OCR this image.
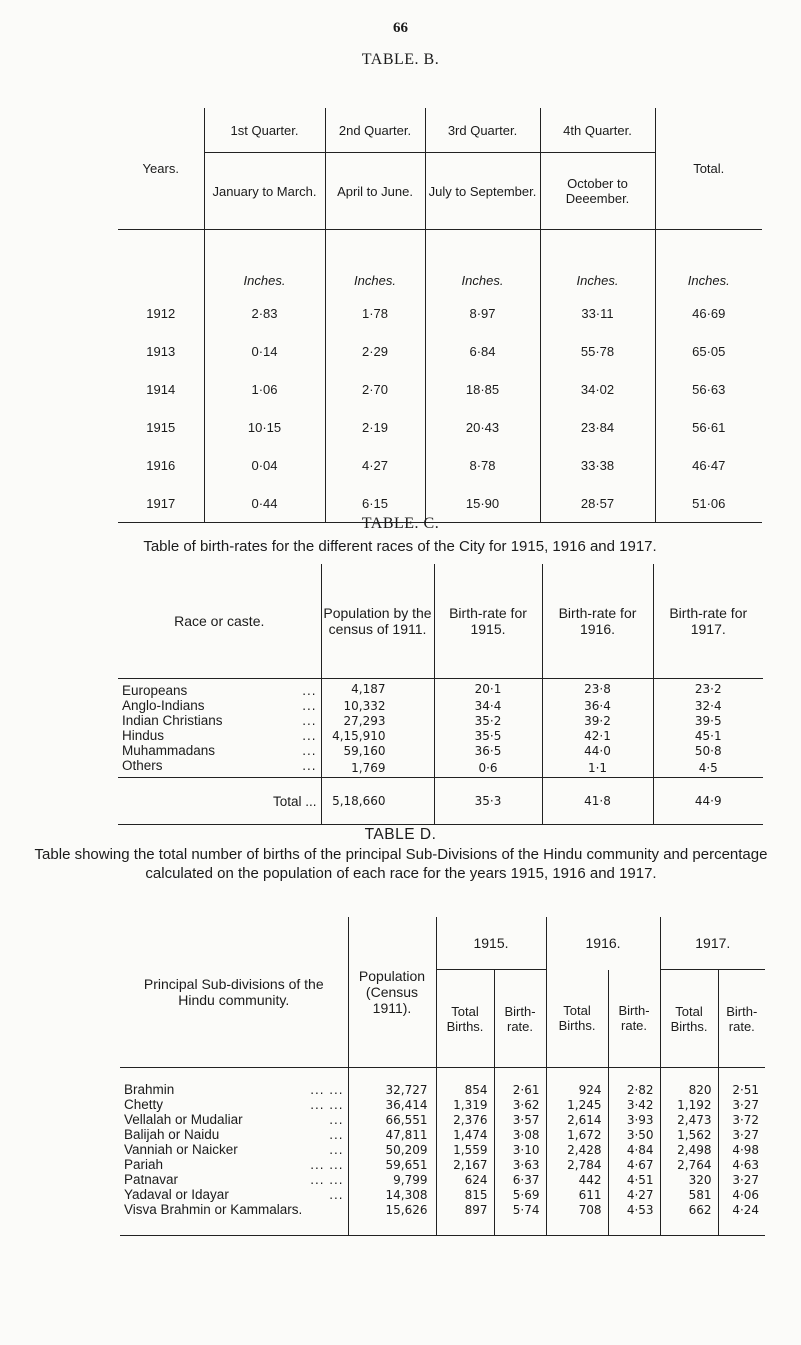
66
TABLE. B.
Years.	1st Quarter.	2nd Quarter.	3rd Quarter.	4th Quarter.	Total.
	January to March.	April to June.	July to September.	October to Deeember.	
	Inches.	Inches.	Inches.	Inches.	Inches.
1912	2·83	1·78	8·97	33·11	46·69
1913	0·14	2·29	6·84	55·78	65·05
1914	1·06	2·70	18·85	34·02	56·63
1915	10·15	2·19	20·43	23·84	56·61
1916	0·04	4·27	8·78	33·38	46·47
1917	0·44	6·15	15·90	28·57	51·06
TABLE. C.
Table of birth-rates for the different races of the City for 1915, 1916 and 1917.
Race or caste.	Population by the census of 1911.	Birth-rate for 1915.	Birth-rate for 1916.	Birth-rate for 1917.
Europeans ...	4,187	20·1	23·8	23·2
Anglo-Indians ...	10,332	34·4	36·4	32·4
Indian Christians ...	27,293	35·2	39·2	39·5
Hindus ...	4,15,910	35·5	42·1	45·1
Muhammadans ...	59,160	36·5	44·0	50·8
Others ...	1,769	0·6	1·1	4·5
Total ...	5,18,660	35·3	41·8	44·9
TABLE D.
Table showing the total number of births of the principal Sub-Divisions of the Hindu community and percentage calculated on the population of each race for the years 1915, 1916 and 1917.
Principal Sub-divisions of the Hindu community.	Population (Census 1911).	1915.		1916.		1917.	
		Total Births.	Birth-rate.	Total Births.	Birth-rate.	Total Births.	Birth-rate.
Brahmin ... ...	32,727	854	2·61	924	2·82	820	2·51
Chetty ... ...	36,414	1,319	3·62	1,245	3·42	1,192	3·27
Vellalah or Mudaliar ...	66,551	2,376	3·57	2,614	3·93	2,473	3·72
Balijah or Naidu ...	47,811	1,474	3·08	1,672	3·50	1,562	3·27
Vanniah or Naicker ...	50,209	1,559	3·10	2,428	4·84	2,498	4·98
Pariah ... ...	59,651	2,167	3·63	2,784	4·67	2,764	4·63
Patnavar ... ...	9,799	624	6·37	442	4·51	320	3·27
Yadaval or Idayar ...	14,308	815	5·69	611	4·27	581	4·06
Visva Brahmin or Kammalars.	15,626	897	5·74	708	4·53	662	4·24
